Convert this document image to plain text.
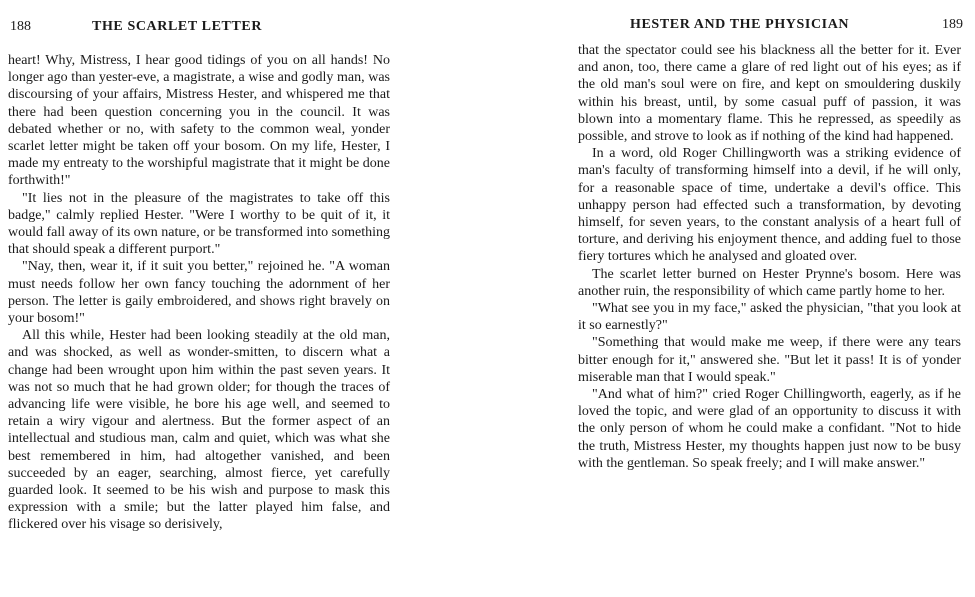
188	THE SCARLET LETTER

heart! Why, Mistress, I hear good tidings of you on all hands! No longer ago than yester-eve, a magistrate, a wise and godly man, was discoursing of your affairs, Mistress Hester, and whispered me that there had been question concerning you in the council. It was debated whether or no, with safety to the common weal, yonder scarlet letter might be taken off your bosom. On my life, Hester, I made my entreaty to the worshipful magistrate that it might be done forthwith!"

"It lies not in the pleasure of the magistrates to take off this badge," calmly replied Hester. "Were I worthy to be quit of it, it would fall away of its own nature, or be transformed into something that should speak a different purport."

"Nay, then, wear it, if it suit you better," rejoined he. "A woman must needs follow her own fancy touching the adornment of her person. The letter is gaily embroidered, and shows right bravely on your bosom!"

All this while, Hester had been looking steadily at the old man, and was shocked, as well as wonder-smitten, to discern what a change had been wrought upon him within the past seven years. It was not so much that he had grown older; for though the traces of advancing life were visible, he bore his age well, and seemed to retain a wiry vigour and alertness. But the former aspect of an intellectual and studious man, calm and quiet, which was what she best remembered in him, had altogether vanished, and been succeeded by an eager, searching, almost fierce, yet carefully guarded look. It seemed to be his wish and purpose to mask this expression with a smile; but the latter played him false, and flickered over his visage so derisively,

HESTER AND THE PHYSICIAN	189

that the spectator could see his blackness all the better for it. Ever and anon, too, there came a glare of red light out of his eyes; as if the old man's soul were on fire, and kept on smouldering duskily within his breast, until, by some casual puff of passion, it was blown into a momentary flame. This he repressed, as speedily as possible, and strove to look as if nothing of the kind had happened.

In a word, old Roger Chillingworth was a striking evidence of man's faculty of transforming himself into a devil, if he will only, for a reasonable space of time, undertake a devil's office. This unhappy person had effected such a transformation, by devoting himself, for seven years, to the constant analysis of a heart full of torture, and deriving his enjoyment thence, and adding fuel to those fiery tortures which he analysed and gloated over.

The scarlet letter burned on Hester Prynne's bosom. Here was another ruin, the responsibility of which came partly home to her.

"What see you in my face," asked the physician, "that you look at it so earnestly?"

"Something that would make me weep, if there were any tears bitter enough for it," answered she. "But let it pass! It is of yonder miserable man that I would speak."

"And what of him?" cried Roger Chillingworth, eagerly, as if he loved the topic, and were glad of an opportunity to discuss it with the only person of whom he could make a confidant. "Not to hide the truth, Mistress Hester, my thoughts happen just now to be busy with the gentleman. So speak freely; and I will make answer."
